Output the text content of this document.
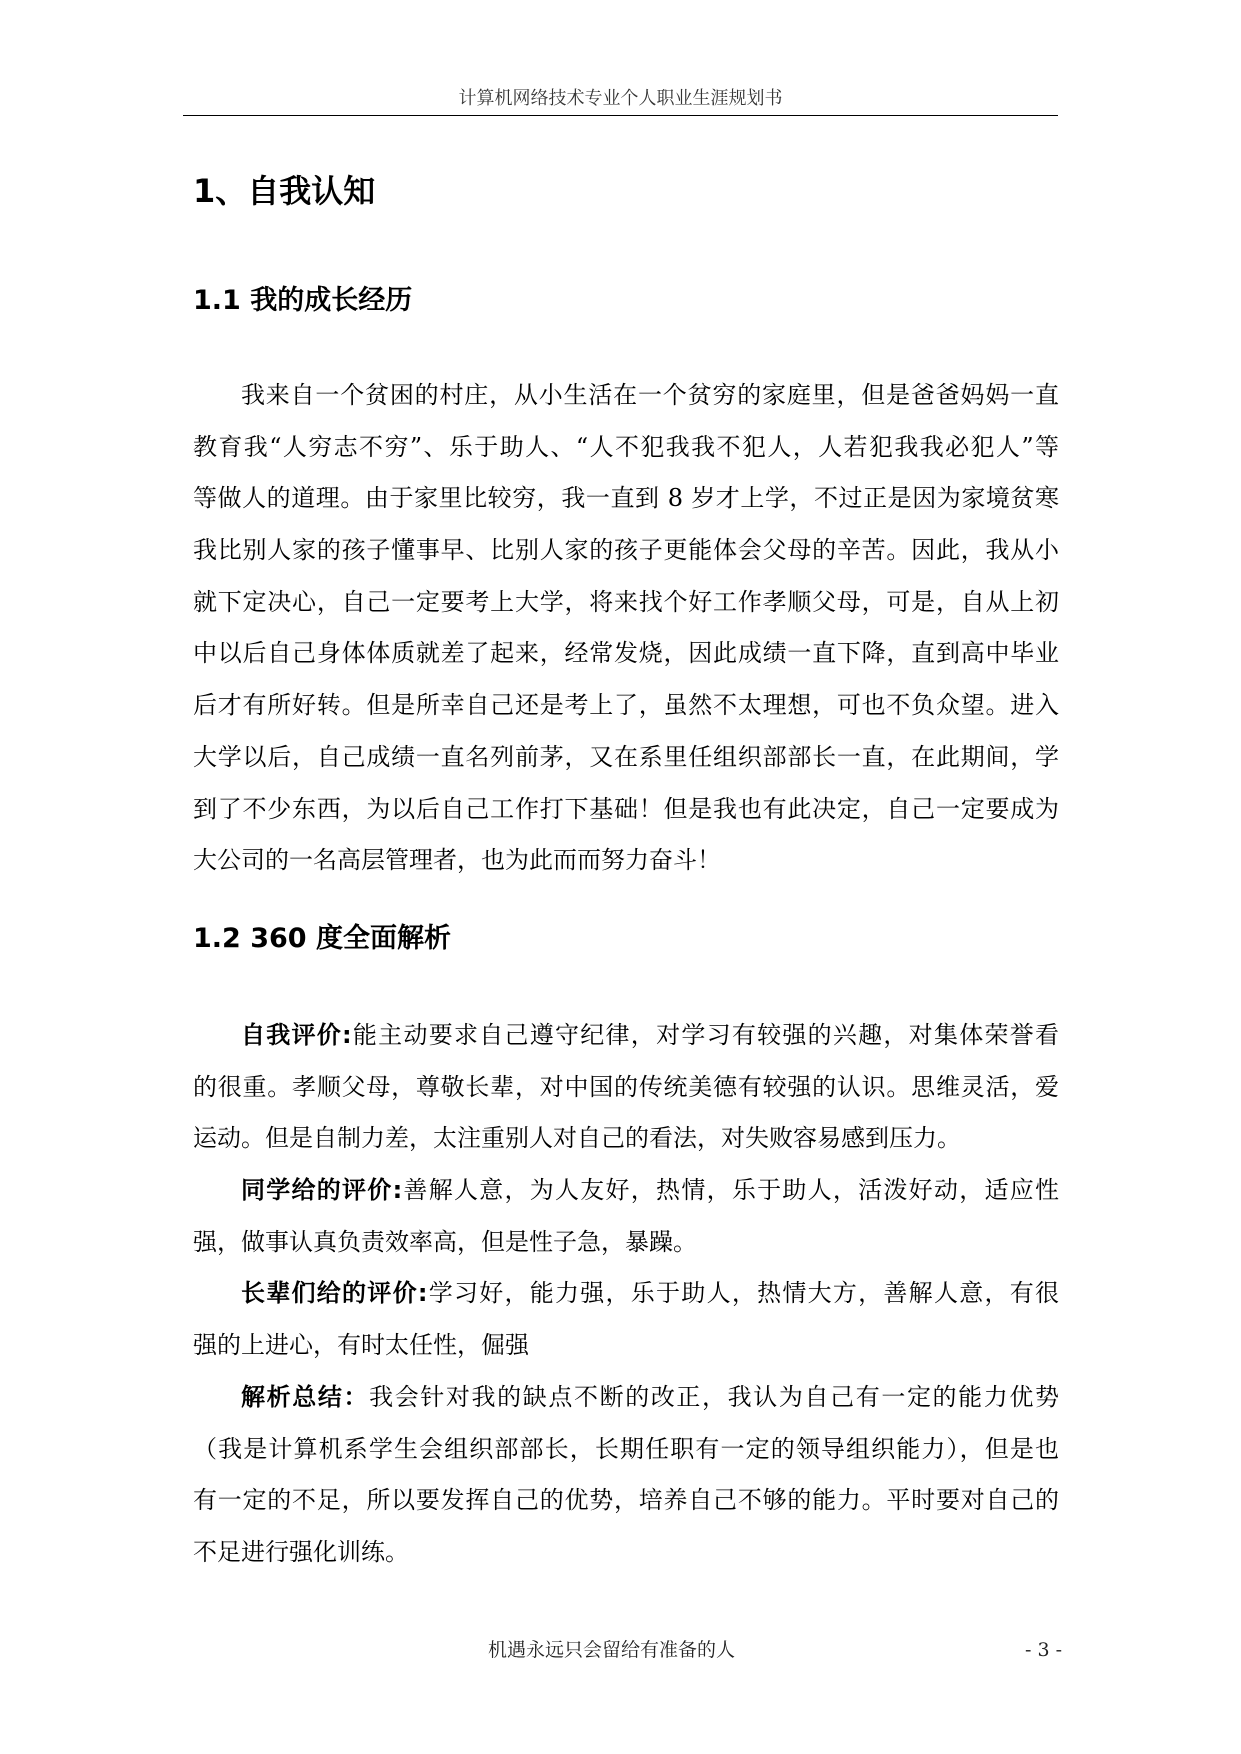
计算机网络技术专业个人职业生涯规划书
1、自我认知
1.1 我的成长经历
我来自一个贫困的村庄，从小生活在一个贫穷的家庭里，但是爸爸妈妈一直
教育我“人穷志不穷”、乐于助人、“人不犯我我不犯人，人若犯我我必犯人”等
等做人的道理。由于家里比较穷，我一直到 8 岁才上学，不过正是因为家境贫寒
我比别人家的孩子懂事早、比别人家的孩子更能体会父母的辛苦。因此，我从小
就下定决心，自己一定要考上大学，将来找个好工作孝顺父母，可是，自从上初
中以后自己身体体质就差了起来，经常发烧，因此成绩一直下降，直到高中毕业
后才有所好转。但是所幸自己还是考上了，虽然不太理想，可也不负众望。进入
大学以后，自己成绩一直名列前茅，又在系里任组织部部长一直，在此期间，学
到了不少东西，为以后自己工作打下基础！但是我也有此决定，自己一定要成为
大公司的一名高层管理者，也为此而而努力奋斗！
1.2 360 度全面解析
自我评价:能主动要求自己遵守纪律，对学习有较强的兴趣，对集体荣誉看
的很重。孝顺父母，尊敬长辈，对中国的传统美德有较强的认识。思维灵活，爱
运动。但是自制力差，太注重别人对自己的看法，对失败容易感到压力。
同学给的评价:善解人意，为人友好，热情，乐于助人，活泼好动，适应性
强，做事认真负责效率高，但是性子急，暴躁。
长辈们给的评价:学习好，能力强，乐于助人，热情大方，善解人意，有很
强的上进心，有时太任性，倔强
解析总结：我会针对我的缺点不断的改正，我认为自己有一定的能力优势
（我是计算机系学生会组织部部长，长期任职有一定的领导组织能力），但是也
有一定的不足，所以要发挥自己的优势，培养自己不够的能力。平时要对自己的
不足进行强化训练。
机遇永远只会留给有准备的人	- 3 -
